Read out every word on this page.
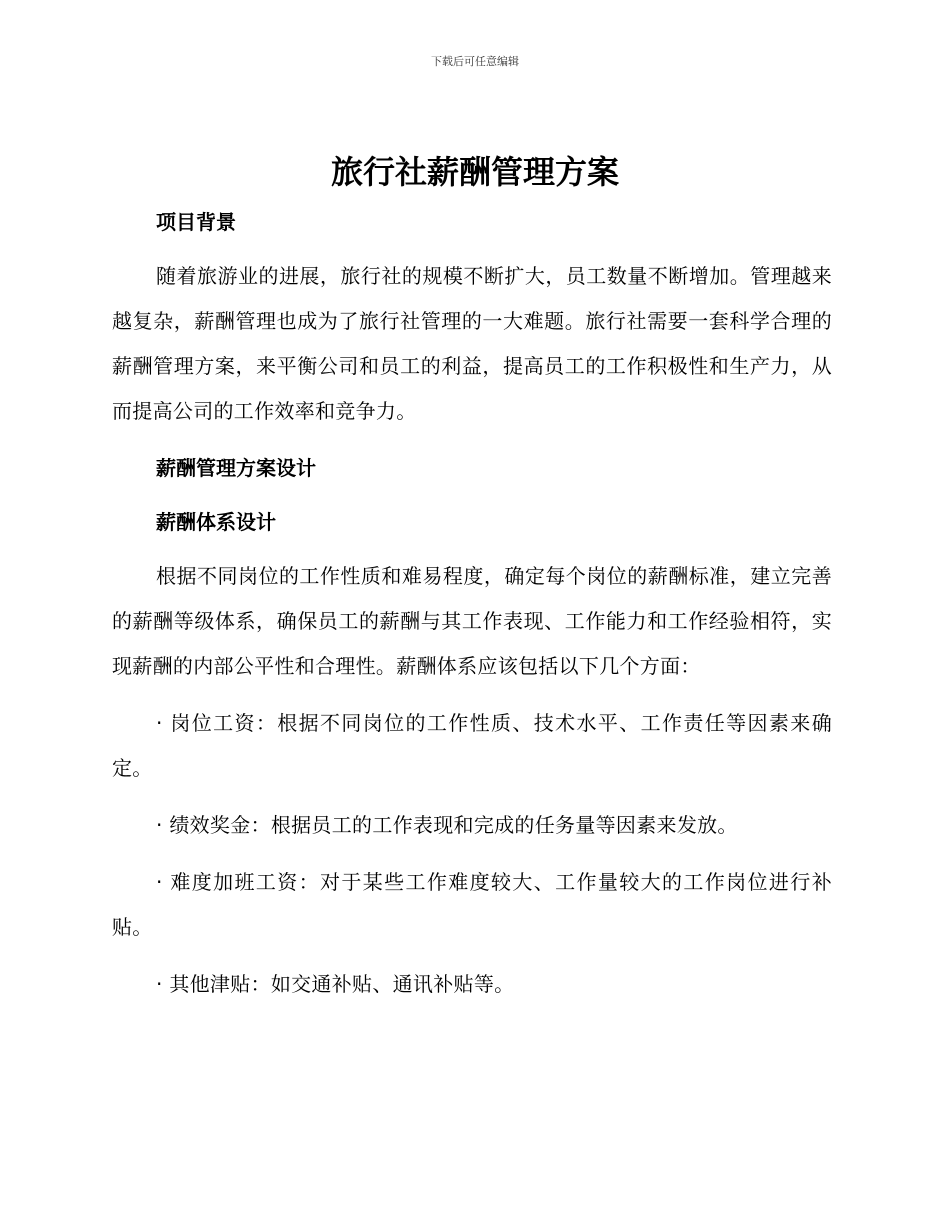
下载后可任意编辑
旅行社薪酬管理方案
项目背景

随着旅游业的进展，旅行社的规模不断扩大，员工数量不断增加。管理越来越复杂，薪酬管理也成为了旅行社管理的一大难题。旅行社需要一套科学合理的薪酬管理方案，来平衡公司和员工的利益，提高员工的工作积极性和生产力，从而提高公司的工作效率和竞争力。

薪酬管理方案设计
薪酬体系设计

根据不同岗位的工作性质和难易程度，确定每个岗位的薪酬标准，建立完善的薪酬等级体系，确保员工的薪酬与其工作表现、工作能力和工作经验相符，实现薪酬的内部公平性和合理性。薪酬体系应该包括以下几个方面：

· 岗位工资：根据不同岗位的工作性质、技术水平、工作责任等因素来确定。

· 绩效奖金：根据员工的工作表现和完成的任务量等因素来发放。

· 难度加班工资：对于某些工作难度较大、工作量较大的工作岗位进行补贴。

· 其他津贴：如交通补贴、通讯补贴等。
